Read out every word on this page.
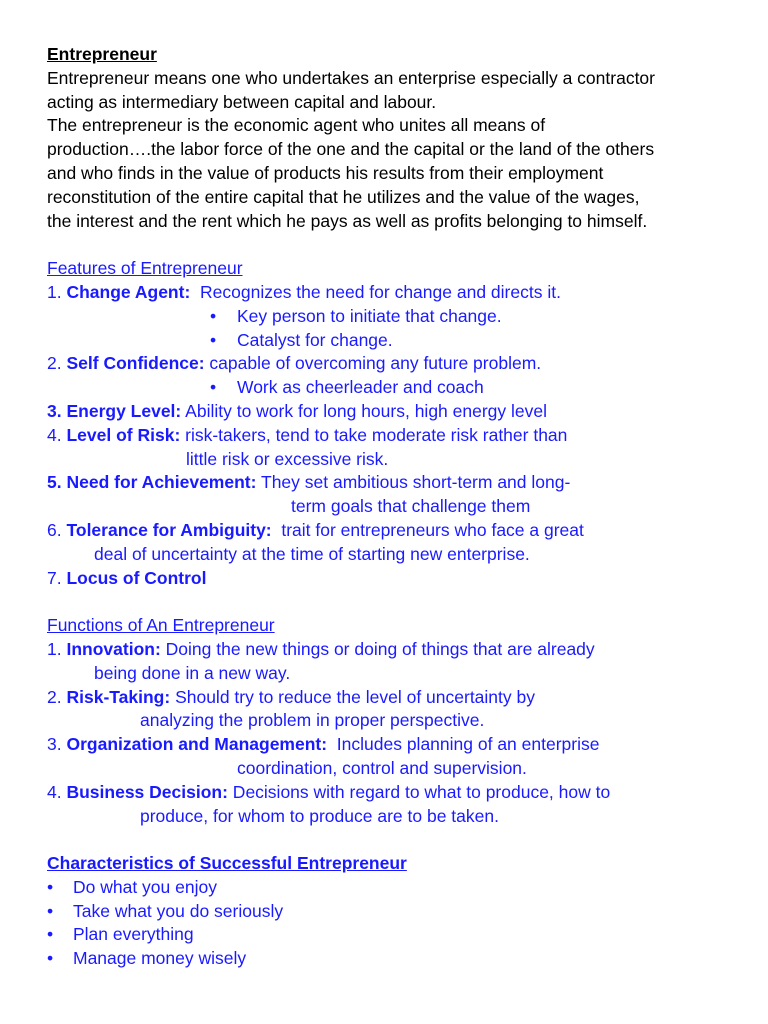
Entrepreneur
Entrepreneur means one who undertakes an enterprise especially a contractor
acting as intermediary between capital and labour.
The entrepreneur is the economic agent who unites all means of
production….the labor force of the one and the capital or the land of the others
and who finds in the value of products his results from their employment
reconstitution of the entire capital that he utilizes and the value of the wages,
the interest and the rent which he pays as well as profits belonging to himself.
Features of Entrepreneur
1. Change Agent:  Recognizes the need for change and directs it.
• Key person to initiate that change.
• Catalyst for change.
2. Self Confidence: capable of overcoming any future problem.
• Work as cheerleader and coach
3. Energy Level: Ability to work for long hours, high energy level
4. Level of Risk: risk-takers, tend to take moderate risk rather than
little risk or excessive risk.
5. Need for Achievement: They set ambitious short-term and long-
term goals that challenge them
6. Tolerance for Ambiguity:  trait for entrepreneurs who face a great
deal of uncertainty at the time of starting new enterprise.
7. Locus of Control
Functions of An Entrepreneur
1. Innovation: Doing the new things or doing of things that are already
being done in a new way.
2. Risk-Taking: Should try to reduce the level of uncertainty by
analyzing the problem in proper perspective.
3. Organization and Management:  Includes planning of an enterprise
coordination, control and supervision.
4. Business Decision: Decisions with regard to what to produce, how to
produce, for whom to produce are to be taken.
Characteristics of Successful Entrepreneur
• Do what you enjoy
• Take what you do seriously
• Plan everything
• Manage money wisely
